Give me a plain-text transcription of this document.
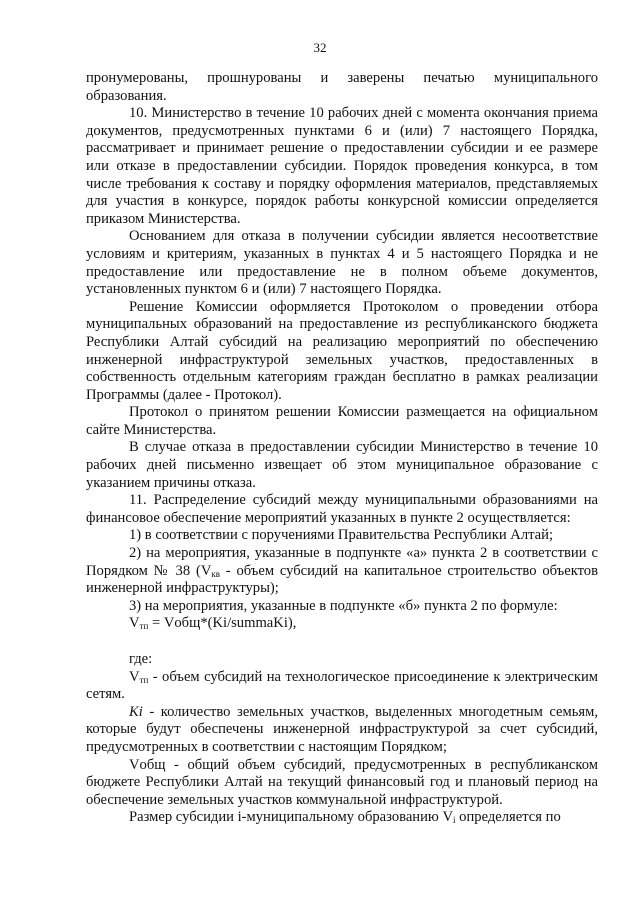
32

пронумерованы, прошнурованы и заверены печатью муниципального образования.

10. Министерство в течение 10 рабочих дней с момента окончания приема документов, предусмотренных пунктами 6 и (или) 7 настоящего Порядка, рассматривает и принимает решение о предоставлении субсидии и ее размере или отказе в предоставлении субсидии. Порядок проведения конкурса, в том числе требования к составу и порядку оформления материалов, представляемых для участия в конкурсе, порядок работы конкурсной комиссии определяется приказом Министерства.

Основанием для отказа в получении субсидии является несоответствие условиям и критериям, указанных в пунктах 4 и 5 настоящего Порядка и не предоставление или предоставление не в полном объеме документов, установленных пунктом 6 и (или) 7 настоящего Порядка.

Решение Комиссии оформляется Протоколом о проведении отбора муниципальных образований на предоставление из республиканского бюджета Республики Алтай субсидий на реализацию мероприятий по обеспечению инженерной инфраструктурой земельных участков, предоставленных в собственность отдельным категориям граждан бесплатно в рамках реализации Программы (далее - Протокол).

Протокол о принятом решении Комиссии размещается на официальном сайте Министерства.

В случае отказа в предоставлении субсидии Министерство в течение 10 рабочих дней письменно извещает об этом муниципальное образование с указанием причины отказа.

11. Распределение субсидий между муниципальными образованиями на финансовое обеспечение мероприятий указанных в пункте 2 осуществляется:

1) в соответствии с поручениями Правительства Республики Алтай;

2) на мероприятия, указанные в подпункте «а» пункта 2 в соответствии с Порядком № 38 ($V_{кв}$ - объем субсидий на капитальное строительство объектов инженерной инфраструктуры);

3) на мероприятия, указанные в подпункте «б» пункта 2 по формуле:

$V_{тп}$ = Vобщ*(Ki/summaKi),

где:

$V_{тп}$ - объем субсидий на технологическое присоединение к электрическим сетям.

Ki - количество земельных участков, выделенных многодетным семьям, которые будут обеспечены инженерной инфраструктурой за счет субсидий, предусмотренных в соответствии с настоящим Порядком;

Vобщ - общий объем субсидий, предусмотренных в республиканском бюджете Республики Алтай на текущий финансовый год и плановый период на обеспечение земельных участков коммунальной инфраструктурой.

Размер субсидии i-муниципальному образованию $V_i$ определяется по
